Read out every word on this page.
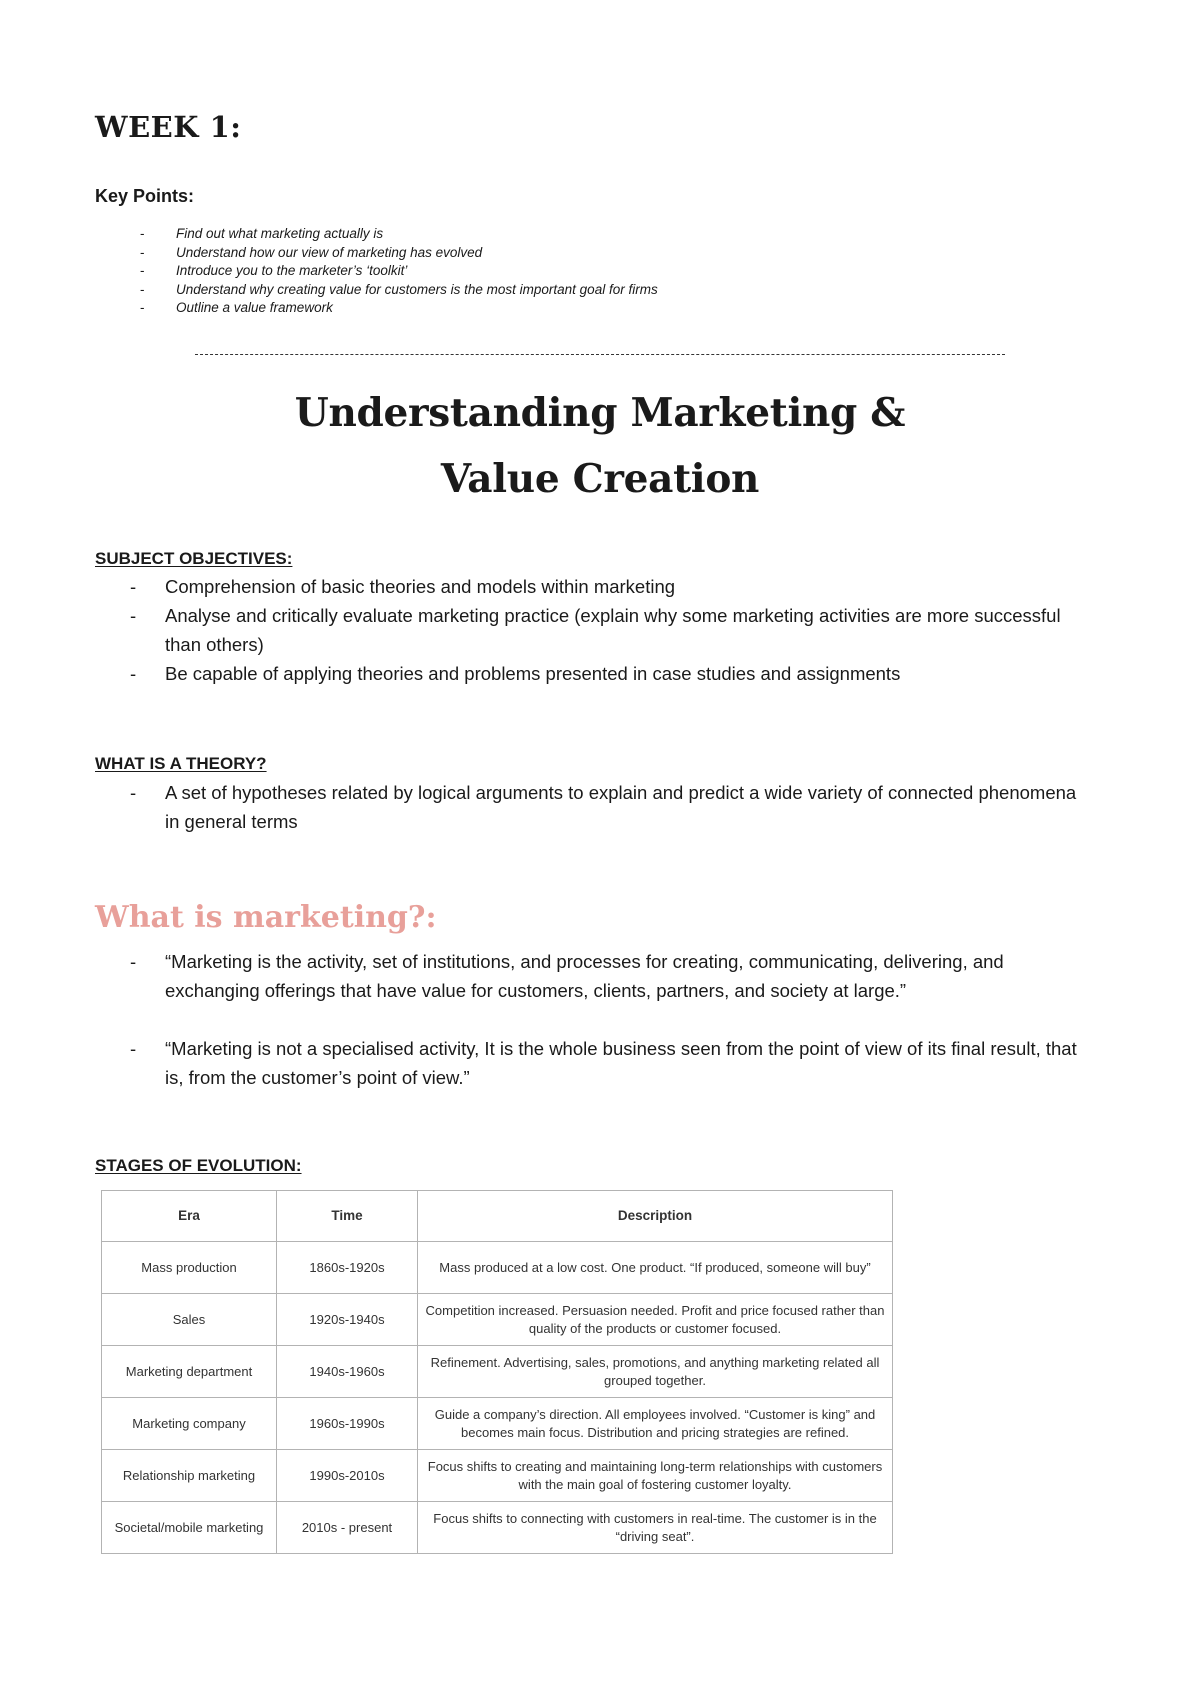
WEEK 1:
Key Points:
- Find out what marketing actually is
- Understand how our view of marketing has evolved
- Introduce you to the marketer’s ‘toolkit’
- Understand why creating value for customers is the most important goal for firms
- Outline a value framework
Understanding Marketing &
Value Creation
SUBJECT OBJECTIVES:
- Comprehension of basic theories and models within marketing
- Analyse and critically evaluate marketing practice (explain why some marketing activities are more successful than others)
- Be capable of applying theories and problems presented in case studies and assignments
WHAT IS A THEORY?
- A set of hypotheses related by logical arguments to explain and predict a wide variety of connected phenomena in general terms
What is marketing?:
- “Marketing is the activity, set of institutions, and processes for creating, communicating, delivering, and exchanging offerings that have value for customers, clients, partners, and society at large.”
- “Marketing is not a specialised activity, It is the whole business seen from the point of view of its final result, that is, from the customer’s point of view.”
STAGES OF EVOLUTION:
Era	Time	Description
Mass production	1860s-1920s	Mass produced at a low cost. One product. “If produced, someone will buy”
Sales	1920s-1940s	Competition increased. Persuasion needed. Profit and price focused rather than quality of the products or customer focused.
Marketing department	1940s-1960s	Refinement. Advertising, sales, promotions, and anything marketing related all grouped together.
Marketing company	1960s-1990s	Guide a company’s direction. All employees involved. “Customer is king” and becomes main focus. Distribution and pricing strategies are refined.
Relationship marketing	1990s-2010s	Focus shifts to creating and maintaining long-term relationships with customers with the main goal of fostering customer loyalty.
Societal/mobile marketing	2010s - present	Focus shifts to connecting with customers in real-time. The customer is in the “driving seat”.
